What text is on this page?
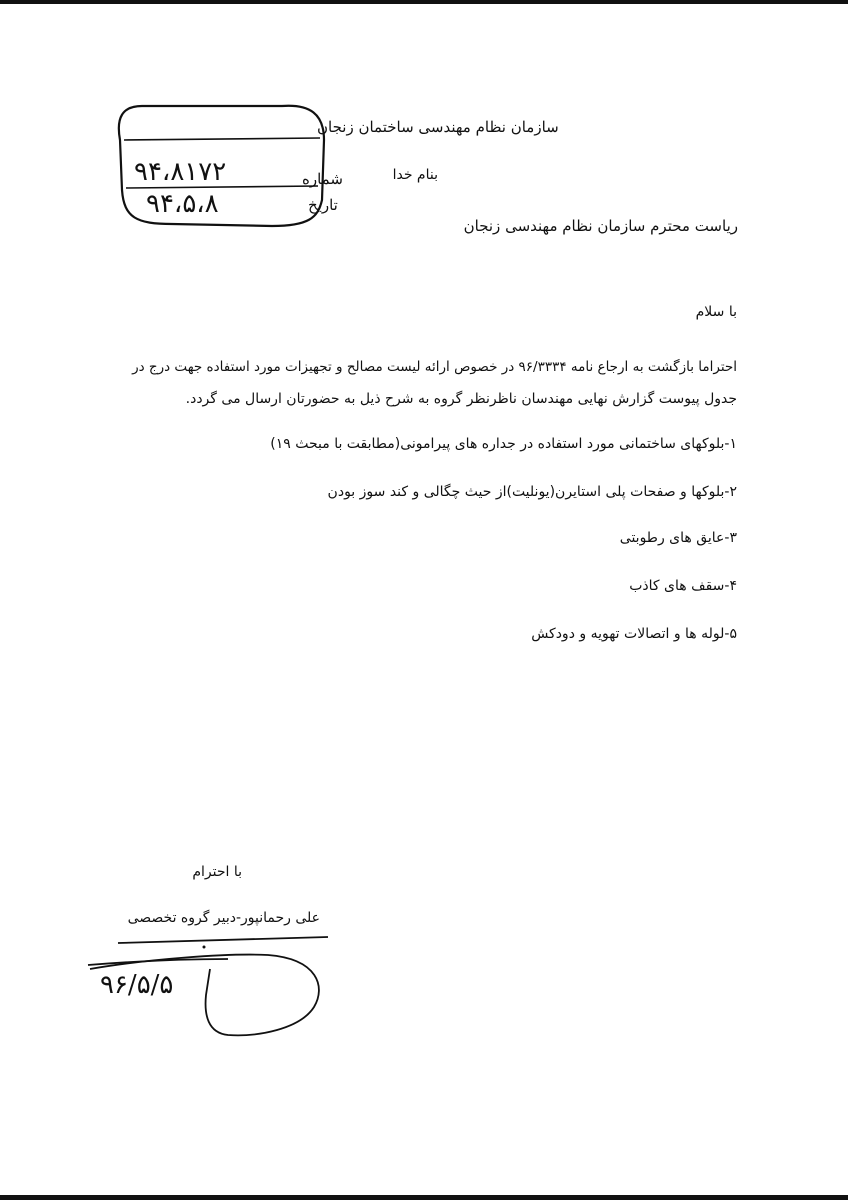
سازمان نظام مهندسی ساختمان زنجان
شماره
۹۴،۸۱۷۲
تاریخ
۹۴،۵،۸
بنام خدا
ریاست محترم سازمان نظام مهندسی زنجان
با سلام
احتراما بازگشت به ارجاع نامه ۹۶/۳۳۳۴ در خصوص ارائه لیست مصالح و تجهیزات مورد استفاده جهت درج در
جدول پیوست گزارش نهایی مهندسان ناظرنظر گروه به شرح ذیل به حضورتان ارسال می گردد.
۱-بلوکهای ساختمانی مورد استفاده در جداره های پیرامونی(مطابقت با مبحث ۱۹)
۲-بلوکها و صفحات پلی استایرن(یونلیت)از حیث چگالی و کند سوز بودن
۳-عایق های رطوبتی
۴-سقف های کاذب
۵-لوله ها و اتصالات تهویه و دودکش
با احترام
علی رحمانپور-دبیر گروه تخصصی
۹۶/۵/۵
